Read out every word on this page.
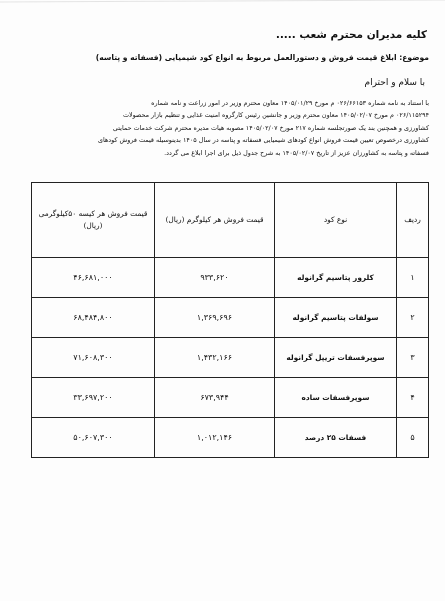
کلیه مدیران محترم شعب .....
موضوع: ابلاغ قیمت فروش و دستورالعمل مربوط به انواع کود شیمیایی (فسفاته و پتاسه)
با سلام و احترام

با استناد به نامه شماره ۰۲۶/۶۶۱۵۳ م مورخ ۱۴۰۵/۰۱/۲۹ معاون محترم وزیر در امور زراعت و نامه شماره

۰۲۶/۱۱۵۲۹۴ م مورخ ۱۴۰۵/۰۲/۰۷ معاون محترم وزیر و جانشین رئیس کارگروه امنیت غذایی و تنظیم بازار محصولات

کشاورزی و همچنین بند یک صورتجلسه شماره ۲۱۷ مورخ ۱۴۰۵/۰۲/۰۷ مصوبه هیات مدیره محترم شرکت خدمات حمایتی

کشاورزی درخصوص تعیین قیمت فروش انواع کودهای شیمیایی فسفاته و پتاسه در سال ۱۴۰۵ بدینوسیله قیمت فروش کودهای

فسفاته و پتاسه به کشاورزان عزیز از تاریخ ۱۴۰۵/۰۲/۰۷ به شرح جدول ذیل برای اجرا ابلاغ می گردد.

ردیف	نوع کود	قیمت فروش هر کیلوگرم (ریال)	قیمت فروش هر کیسه ۵۰کیلوگرمی (ریال)
۱	کلرور پتاسیم گرانوله	۹۳۳,۶۲۰	۴۶,۶۸۱,۰۰۰
۲	سولفات پتاسیم گرانوله	۱,۳۶۹,۶۹۶	۶۸,۴۸۴,۸۰۰
۳	سوپرفسفات تریپل گرانوله	۱,۴۳۲,۱۶۶	۷۱,۶۰۸,۳۰۰
۴	سوپرفسفات ساده	۶۷۳,۹۴۴	۳۳,۶۹۷,۲۰۰
۵	فسفات ۲۵ درصد	۱,۰۱۲,۱۴۶	۵۰,۶۰۷,۳۰۰
